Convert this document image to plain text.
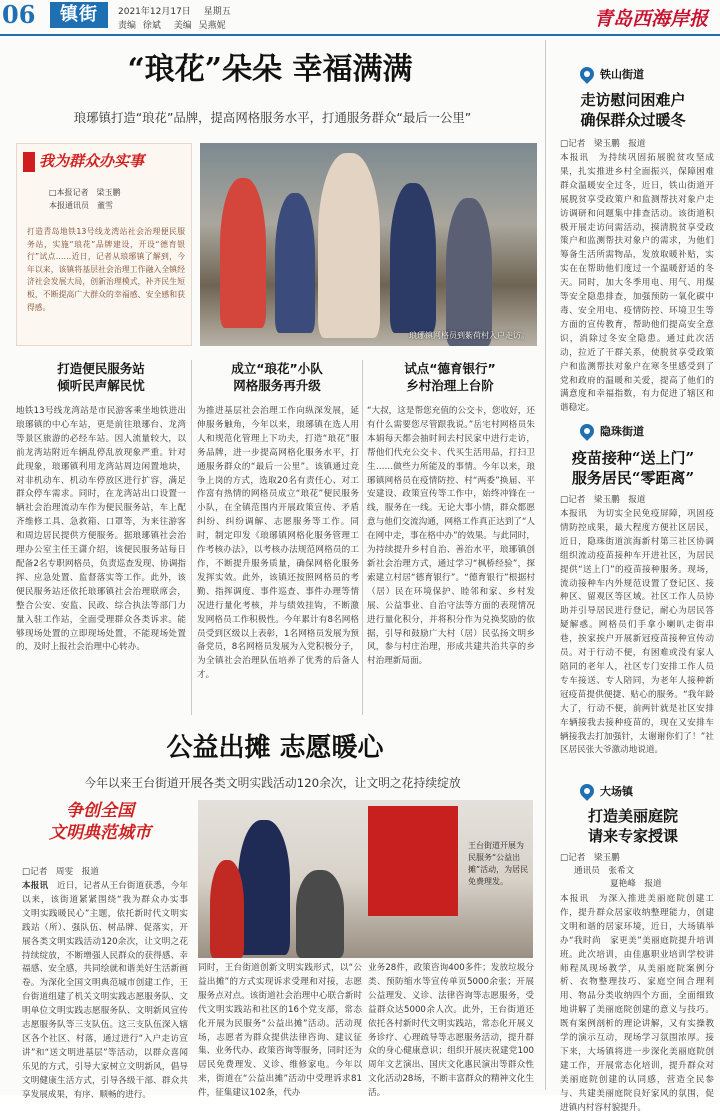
06	镇街	2021年12月17日 星期五
责编 徐斌 美编 吴燕妮	青岛西海岸报
“琅花”朵朵 幸福满满
琅琊镇打造“琅花”品牌，提高网格服务水平，打通服务群众“最后一公里”
我为群众办实事
□本报记者　梁玉鹏
本报通讯员　董雪
打造青岛地铁13号线龙湾站社会治理便民服务站，实施“琅花”品牌建设，开设“德育银行”试点……近日，记者从琅琊镇了解到，今年以来，该镇将基层社会治理工作融入全镇经济社会发展大局，创新治理模式，补齐民生短板，不断提高广大群众的幸福感、安全感和获得感。
琅琊镇网格员到紫荷村入户走访。
打造便民服务站
倾听民声解民忧
成立“琅花”小队
网格服务再升级
试点“德育银行”
乡村治理上台阶
地铁13号线龙湾站是市民游客乘坐地铁进出琅琊镇的中心车站，更是前往琅琊台、龙湾等景区旅游的必经车站。因人流量较大，以前龙湾站附近车辆乱停乱放现象严重。针对此现象，琅琊镇利用龙湾站周边闲置地块，对非机动车、机动车停放区进行扩容，满足群众停车需求。同时，在龙湾站出口设置一辆社会治理流动车作为便民服务站，车上配齐维修工具、急救箱、口罩等，为来往游客和周边居民提供方便服务。据琅琊镇社会治理办公室主任王潇介绍，该便民服务站每日配备2名专职网格员，负责巡查发现、协调指挥、应急处置、监督落实等工作。此外，该便民服务站还依托琅琊镇社会治理联席会，整合公安、安监、民政、综合执法等部门力量入驻工作站，全面受理群众各类诉求。能够现场处置的立即现场处置，不能现场处置的，及时上报社会治理中心转办。
为推进基层社会治理工作向纵深发展，延伸服务触角，今年以来，琅琊镇在选人用人和规范化管理上下功夫，打造“琅花”服务品牌，进一步提高网格化服务水平，打通服务群众的“最后一公里”。该镇通过竞争上岗的方式，选取20名有责任心、对工作富有热情的网格员成立“琅花”便民服务小队，在全镇范围内开展政策宣传、矛盾纠纷、纠纷调解、志愿服务等工作。同时，制定印发《琅琊镇网格化服务管理工作考核办法》，以考核办法规范网格员的工作，不断提升服务质量，确保网格化服务发挥实效。此外，该镇还按照网格员的考勤、指挥调度、事件巡查、事件办理等情况进行量化考核，并与绩效挂钩，不断激发网格员工作积极性。今年累计有8名网格员受到区级以上表彰，1名网格员发展为预备党员，8名网格员发展为入党积极分子，为全镇社会治理队伍培养了优秀的后备人才。
“大叔，这是帮您充值的公交卡，您收好，还有什么需要您尽管跟我说。”岳宅村网格员朱本娟每天都会抽时间去村民家中进行走访，帮他们代充公交卡、代买生活用品，打扫卫生……做些力所能及的事情。今年以来，琅琊镇网格员在疫情防控、村“两委”换届、平安建设、政策宣传等工作中，始终冲锋在一线，服务在一线。无论大事小情，群众都愿意与他们交流沟通，网格工作真正达到了“人在网中走，事在格中办”的效果。与此同时，为持续提升乡村自治、善治水平，琅琊镇创新社会治理方式，通过学习“枫桥经验”，探索建立村居“德育银行”。“德育银行”根据村（居）民在环境保护、睦邻和家、乡村发展、公益事业、自治守法等方面的表现情况进行量化积分，并将积分作为兑换奖励的依据，引导和鼓励广大村（居）民弘扬文明乡风，参与村庄治理，形成共建共治共享的乡村治理新局面。
公益出摊 志愿暖心
今年以来王台街道开展各类文明实践活动120余次，让文明之花持续绽放
争创全国
文明典范城市
□记者　周雯　报道
本报讯　 近日，记者从王台街道获悉，今年以来，该街道紧紧围绕“我为群众办实事　文明实践暖民心”主题，依托新时代文明实践站（所）、强队伍、树品牌、促落实，开展各类文明实践活动120余次，让文明之花持续绽放，不断增强人民群众的获得感、幸福感、安全感，共同绘就和谐美好生活新画卷。为深化全国文明典范城市创建工作，王台街道组建了机关文明实践志愿服务队、文明单位文明实践志愿服务队、文明新风宣传志愿服务队等三支队伍。这三支队伍深入辖区各个社区、村落，通过进行“入户走访宣讲”和“送文明进基层”等活动，以群众喜闻乐见的方式，引导大家树立文明新风，倡导文明健康生活方式，引导各级干部、群众共享发展成果，有序、顺畅的进行。
王台街道开展为民服务“公益出摊”活动，为居民免费理发。
同时，王台街道创新文明实践形式，以“公益出摊”的方式实现诉求受理和对接，志愿服务点对点。该街道社会治理中心联合新时代文明实践站和社区的16个党支部，常态化开展为民服务“公益出摊”活动。活动现场，志愿者为群众提供法律咨询、建议征集、业务代办、政策咨询等服务，同时还为居民免费理发、义诊、维修家电。今年以来，街道在“公益出摊”活动中受理诉求81件，征集建议102条，代办
业务28件，政策咨询400多件；发放垃圾分类、预防缩水等宣传单页5000余张；开展公益理发、义诊、法律咨询等志愿服务，受益群众达5000余人次。此外，王台街道还依托各村新时代文明实践站，常态化开展义务诊疗、心理疏导等志愿服务活动，提升群众的身心健康意识；组织开展庆祝建党100周年文艺演出、国庆文化惠民演出等群众性文化活动28场，不断丰富群众的精神文化生活。
铁山街道
走访慰问困难户
确保群众过暖冬
□记者　梁玉鹏　报道
本报讯　为持续巩固拓展脱贫攻坚成果，扎实推进乡村全面振兴，保障困难群众温暖安全过冬，近日，铁山街道开展脱贫享受政策户和监测帮扶对象户走访调研和问题集中排查活动。该街道积极开展走访问需活动，摸清脱贫享受政策户和监测帮扶对象户的需求，为他们筹备生活所需物品，发放取暖补贴，实实在在帮助他们度过一个温暖舒适的冬天。同时，加大冬季用电、用气、用煤等安全隐患排查，加强预防一氧化碳中毒、安全用电、疫情防控、环境卫生等方面的宣传教育，帮助他们提高安全意识，消除过冬安全隐患。通过此次活动，拉近了干群关系，使脱贫享受政策户和监测帮扶对象户在寒冬里感受到了党和政府的温暖和关爱，提高了他们的满意度和幸福指数，有力促进了辖区和谐稳定。
隐珠街道
疫苗接种“送上门”
服务居民“零距离”
□记者　梁玉鹏　报道
本报讯　为切实全民免疫屏障，巩固疫情防控成果，最大程度方便社区居民，近日，隐珠街道滨海新村第三社区协调组织流动疫苗接种车开进社区，为居民提供“送上门”的疫苗接种服务。现场，流动接种车内外规范设置了登记区、接种区、留观区等区域。社区工作人员协助并引导居民进行登记，耐心为居民答疑解惑。网格员们手拿小喇叭走街串巷，挨家挨户开展新冠疫苗接种宣传动员。对于行动不便，有困难或没有家人陪同的老年人，社区专门安排工作人员专车接送、专人陪同，为老年人接种新冠疫苗提供便捷、贴心的服务。“我年龄大了，行动不便，前两针就是社区安排车辆接我去接种疫苗的，现在又安排车辆接我去打加强针，太谢谢你们了！”社区居民张大爷激动地说道。
大场镇
打造美丽庭院
请来专家授课
□记者　梁玉鹏
通讯员　张希文
夏艳峰　报道
本报讯　为深入推进美丽庭院创建工作，提升群众居家收纳整理能力，创建文明和谐的居家环境，近日，大场镇举办“我时尚　家更美”美丽庭院提升培训班。此次培训，由佳惠职业培训学校讲师程凤现场教学，从美丽庭院案例分析、衣物整理技巧、家庭空间合理利用、物品分类收纳四个方面，全面细致地讲解了美丽庭院创建的意义与技巧。既有案例剖析的理论讲解，又有实操教学的演示互动，现场学习氛围浓厚。接下来，大场镇将进一步深化美丽庭院创建工作，开展常态化培训，提升群众对美丽庭院创建的认同感，营造全民参与、共建美丽庭院良好家风的氛围，促进镇内村容村貌提升。
